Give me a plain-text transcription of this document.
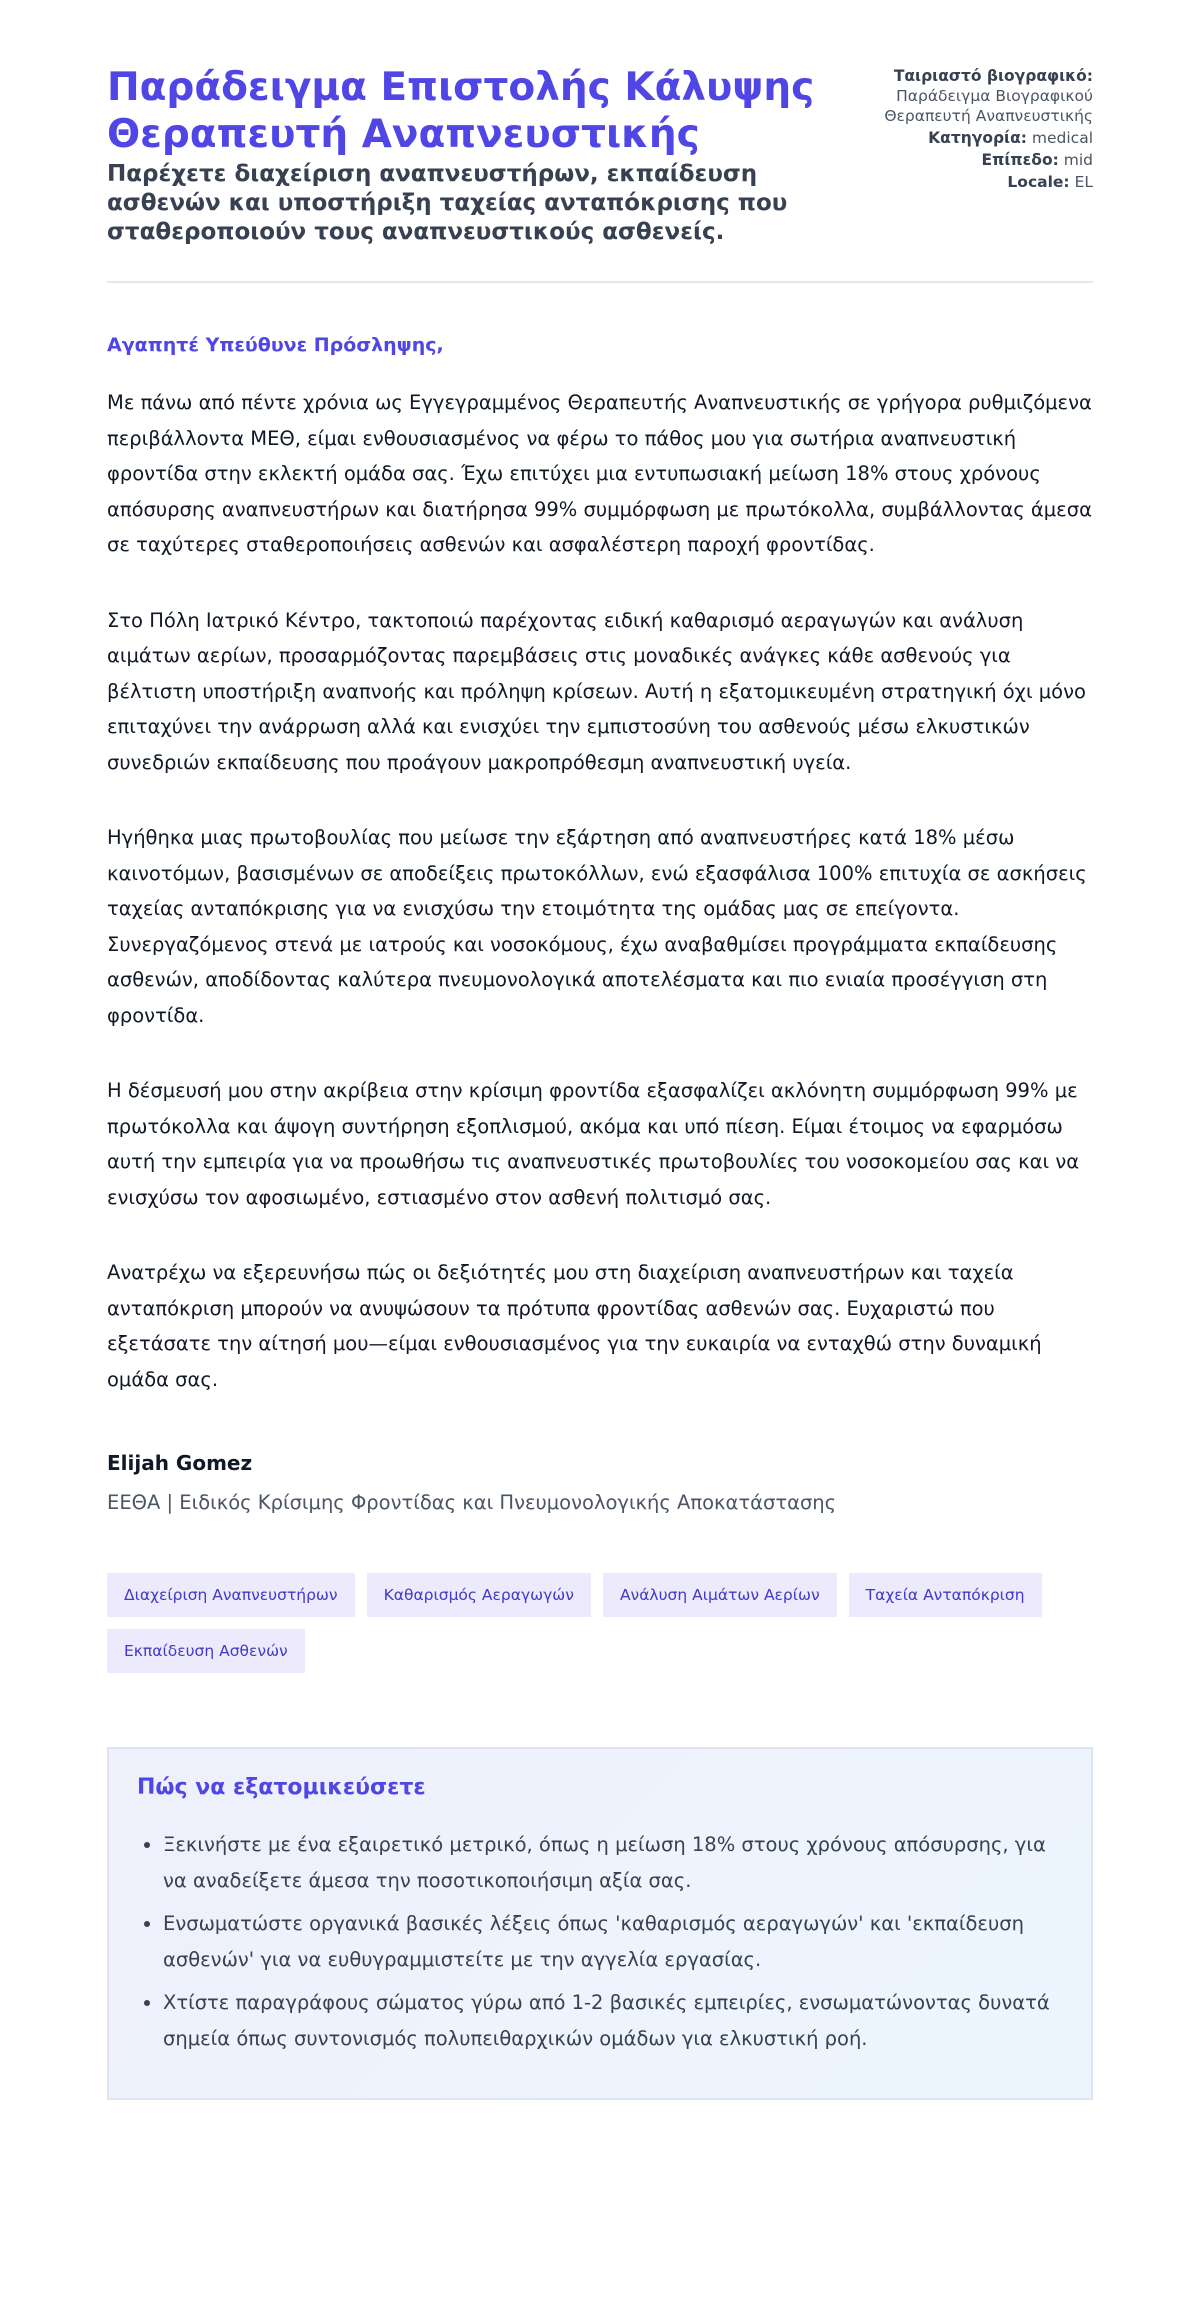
Παράδειγμα Επιστολής Κάλυψης Θεραπευτή Αναπνευστικής
Παρέχετε διαχείριση αναπνευστήρων, εκπαίδευση ασθενών και υποστήριξη ταχείας ανταπόκρισης που σταθεροποιούν τους αναπνευστικούς ασθενείς.
Ταιριαστό βιογραφικό:
Παράδειγμα Βιογραφικού Θεραπευτή Αναπνευστικής
Κατηγορία: medical
Επίπεδο: mid
Locale: EL
Αγαπητέ Υπεύθυνε Πρόσληψης,

Με πάνω από πέντε χρόνια ως Εγγεγραμμένος Θεραπευτής Αναπνευστικής σε γρήγορα ρυθμιζόμενα περιβάλλοντα ΜΕΘ, είμαι ενθουσιασμένος να φέρω το πάθος μου για σωτήρια αναπνευστική φροντίδα στην εκλεκτή ομάδα σας. Έχω επιτύχει μια εντυπωσιακή μείωση 18% στους χρόνους απόσυρσης αναπνευστήρων και διατήρησα 99% συμμόρφωση με πρωτόκολλα, συμβάλλοντας άμεσα σε ταχύτερες σταθεροποιήσεις ασθενών και ασφαλέστερη παροχή φροντίδας.

Στο Πόλη Ιατρικό Κέντρο, τακτοποιώ παρέχοντας ειδική καθαρισμό αεραγωγών και ανάλυση αιμάτων αερίων, προσαρμόζοντας παρεμβάσεις στις μοναδικές ανάγκες κάθε ασθενούς για βέλτιστη υποστήριξη αναπνοής και πρόληψη κρίσεων. Αυτή η εξατομικευμένη στρατηγική όχι μόνο επιταχύνει την ανάρρωση αλλά και ενισχύει την εμπιστοσύνη του ασθενούς μέσω ελκυστικών συνεδριών εκπαίδευσης που προάγουν μακροπρόθεσμη αναπνευστική υγεία.

Ηγήθηκα μιας πρωτοβουλίας που μείωσε την εξάρτηση από αναπνευστήρες κατά 18% μέσω καινοτόμων, βασισμένων σε αποδείξεις πρωτοκόλλων, ενώ εξασφάλισα 100% επιτυχία σε ασκήσεις ταχείας ανταπόκρισης για να ενισχύσω την ετοιμότητα της ομάδας μας σε επείγοντα. Συνεργαζόμενος στενά με ιατρούς και νοσοκόμους, έχω αναβαθμίσει προγράμματα εκπαίδευσης ασθενών, αποδίδοντας καλύτερα πνευμονολογικά αποτελέσματα και πιο ενιαία προσέγγιση στη φροντίδα.

Η δέσμευσή μου στην ακρίβεια στην κρίσιμη φροντίδα εξασφαλίζει ακλόνητη συμμόρφωση 99% με πρωτόκολλα και άψογη συντήρηση εξοπλισμού, ακόμα και υπό πίεση. Είμαι έτοιμος να εφαρμόσω αυτή την εμπειρία για να προωθήσω τις αναπνευστικές πρωτοβουλίες του νοσοκομείου σας και να ενισχύσω τον αφοσιωμένο, εστιασμένο στον ασθενή πολιτισμό σας.

Ανατρέχω να εξερευνήσω πώς οι δεξιότητές μου στη διαχείριση αναπνευστήρων και ταχεία ανταπόκριση μπορούν να ανυψώσουν τα πρότυπα φροντίδας ασθενών σας. Ευχαριστώ που εξετάσατε την αίτησή μου—είμαι ενθουσιασμένος για την ευκαιρία να ενταχθώ στην δυναμική ομάδα σας.

Elijah Gomez
ΕΕΘΑ | Ειδικός Κρίσιμης Φροντίδας και Πνευμονολογικής Αποκατάστασης
Διαχείριση Αναπνευστήρων	Καθαρισμός Αεραγωγών	Ανάλυση Αιμάτων Αερίων	Ταχεία Ανταπόκριση
Εκπαίδευση Ασθενών
Πώς να εξατομικεύσετε
• Ξεκινήστε με ένα εξαιρετικό μετρικό, όπως η μείωση 18% στους χρόνους απόσυρσης, για να αναδείξετε άμεσα την ποσοτικοποιήσιμη αξία σας.
• Ενσωματώστε οργανικά βασικές λέξεις όπως 'καθαρισμός αεραγωγών' και 'εκπαίδευση ασθενών' για να ευθυγραμμιστείτε με την αγγελία εργασίας.
• Χτίστε παραγράφους σώματος γύρω από 1-2 βασικές εμπειρίες, ενσωματώνοντας δυνατά σημεία όπως συντονισμός πολυπειθαρχικών ομάδων για ελκυστική ροή.
